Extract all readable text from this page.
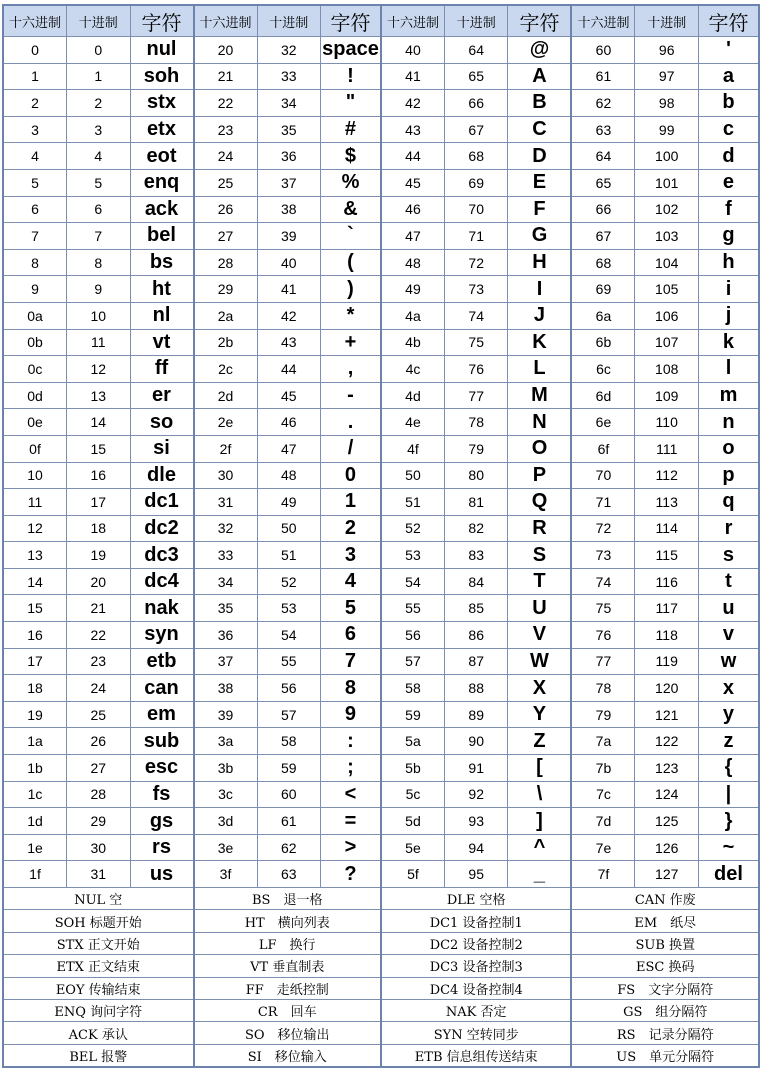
十六进制	十进制	字符	十六进制	十进制	字符	十六进制	十进制	字符	十六进制	十进制	字符
0	0	nul	20	32	space	40	64	@	60	96	'
1	1	soh	21	33	!	41	65	A	61	97	a
2	2	stx	22	34	"	42	66	B	62	98	b
3	3	etx	23	35	#	43	67	C	63	99	c
4	4	eot	24	36	$	44	68	D	64	100	d
5	5	enq	25	37	%	45	69	E	65	101	e
6	6	ack	26	38	&	46	70	F	66	102	f
7	7	bel	27	39	`	47	71	G	67	103	g
8	8	bs	28	40	(	48	72	H	68	104	h
9	9	ht	29	41	)	49	73	I	69	105	i
0a	10	nl	2a	42	*	4a	74	J	6a	106	j
0b	11	vt	2b	43	+	4b	75	K	6b	107	k
0c	12	ff	2c	44	,	4c	76	L	6c	108	l
0d	13	er	2d	45	-	4d	77	M	6d	109	m
0e	14	so	2e	46	.	4e	78	N	6e	110	n
0f	15	si	2f	47	/	4f	79	O	6f	111	o
10	16	dle	30	48	0	50	80	P	70	112	p
11	17	dc1	31	49	1	51	81	Q	71	113	q
12	18	dc2	32	50	2	52	82	R	72	114	r
13	19	dc3	33	51	3	53	83	S	73	115	s
14	20	dc4	34	52	4	54	84	T	74	116	t
15	21	nak	35	53	5	55	85	U	75	117	u
16	22	syn	36	54	6	56	86	V	76	118	v
17	23	etb	37	55	7	57	87	W	77	119	w
18	24	can	38	56	8	58	88	X	78	120	x
19	25	em	39	57	9	59	89	Y	79	121	y
1a	26	sub	3a	58	:	5a	90	Z	7a	122	z
1b	27	esc	3b	59	;	5b	91	[	7b	123	{
1c	28	fs	3c	60	<	5c	92	\	7c	124	|
1d	29	gs	3d	61	=	5d	93	]	7d	125	}
1e	30	rs	3e	62	>	5e	94	^	7e	126	~
1f	31	us	3f	63	?	5f	95	_	7f	127	del
NUL 空			BS　退一格			DLE 空格			CAN 作废		
SOH 标题开始			HT　横向列表			DC1 设备控制1			EM　纸尽		
STX 正文开始			LF　换行			DC2 设备控制2			SUB 换置		
ETX 正文结束			VT 垂直制表			DC3 设备控制3			ESC 换码		
EOY 传输结束			FF　走纸控制			DC4 设备控制4			FS　文字分隔符		
ENQ 询问字符			CR　回车			NAK 否定			GS　组分隔符		
ACK 承认			SO　移位输出			SYN 空转同步			RS　记录分隔符		
BEL 报警			SI　移位输入			ETB 信息组传送结束			US　单元分隔符		
